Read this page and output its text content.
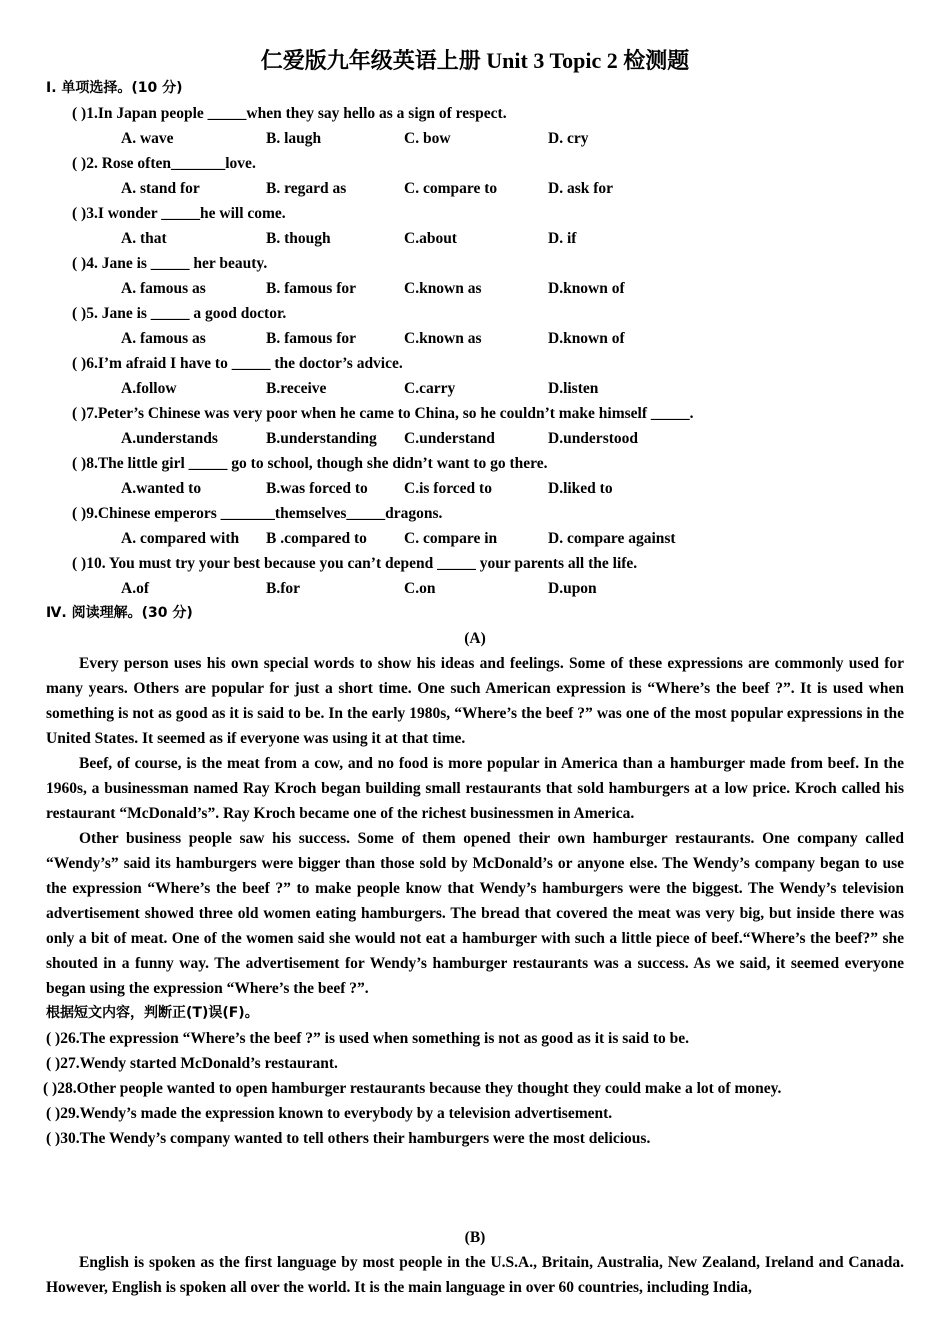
仁爱版九年级英语上册 Unit 3 Topic 2 检测题
Ⅰ. 单项选择。(10 分)
( )1.In Japan people _____when they say hello as a sign of respect.
A. wave	B. laugh	C. bow	D. cry
( )2. Rose often_______love.
A. stand for	B. regard as	C. compare to	D. ask for
( )3.I wonder _____he will come.
A. that	B. though	C.about	D. if
( )4. Jane is _____ her beauty.
A. famous as	B. famous for	C.known as	D.known of
( )5. Jane is _____ a good doctor.
A. famous as	B. famous for	C.known as	D.known of
( )6.I’m afraid I have to _____ the doctor’s advice.
A.follow	B.receive	C.carry	D.listen
( )7.Peter’s Chinese was very poor when he came to China, so he couldn’t make himself _____.
A.understands	B.understanding C.understand	D.understood
( )8.The little girl _____ go to school, though she didn’t want to go there.
A.wanted to	B.was forced to C.is forced to	D.liked to
( )9.Chinese emperors _______themselves_____dragons.
A. compared with B .compared to C. compare in	D. compare against
( )10. You must try your best because you can’t depend _____ your parents all the life.
A.of	B.for	C.on	D.upon
Ⅳ. 阅读理解。(30 分)
(A)
Every person uses his own special words to show his ideas and feelings. Some of these expressions are commonly used for many years. Others are popular for just a short time. One such American expression is “Where’s the beef ?”. It is used when something is not as good as it is said to be. In the early 1980s, “Where’s the beef ?” was one of the most popular expressions in the United States. It seemed as if everyone was using it at that time.
Beef, of course, is the meat from a cow, and no food is more popular in America than a hamburger made from beef. In the 1960s, a businessman named Ray Kroch began building small restaurants that sold hamburgers at a low price. Kroch called his restaurant “McDonald’s”. Ray Kroch became one of the richest businessmen in America.
Other business people saw his success. Some of them opened their own hamburger restaurants. One company called “Wendy’s” said its hamburgers were bigger than those sold by McDonald’s or anyone else. The Wendy’s company began to use the expression “Where’s the beef ?” to make people know that Wendy’s hamburgers were the biggest. The Wendy’s television advertisement showed three old women eating hamburgers. The bread that covered the meat was very big, but inside there was only a bit of meat. One of the women said she would not eat a hamburger with such a little piece of beef.“Where’s the beef?” she shouted in a funny way. The advertisement for Wendy’s hamburger restaurants was a success. As we said, it seemed everyone began using the expression “Where’s the beef ?”.
根据短文内容，判断正(T)误(F)。
( )26.The expression “Where’s the beef ?” is used when something is not as good as it is said to be.
( )27.Wendy started McDonald’s restaurant.
( )28.Other people wanted to open hamburger restaurants because they thought they could make a lot of money.
( )29.Wendy’s made the expression known to everybody by a television advertisement.
( )30.The Wendy’s company wanted to tell others their hamburgers were the most delicious.
(B)
English is spoken as the first language by most people in the U.S.A., Britain, Australia, New Zealand, Ireland and Canada. However, English is spoken all over the world. It is the main language in over 60 countries, including India,
